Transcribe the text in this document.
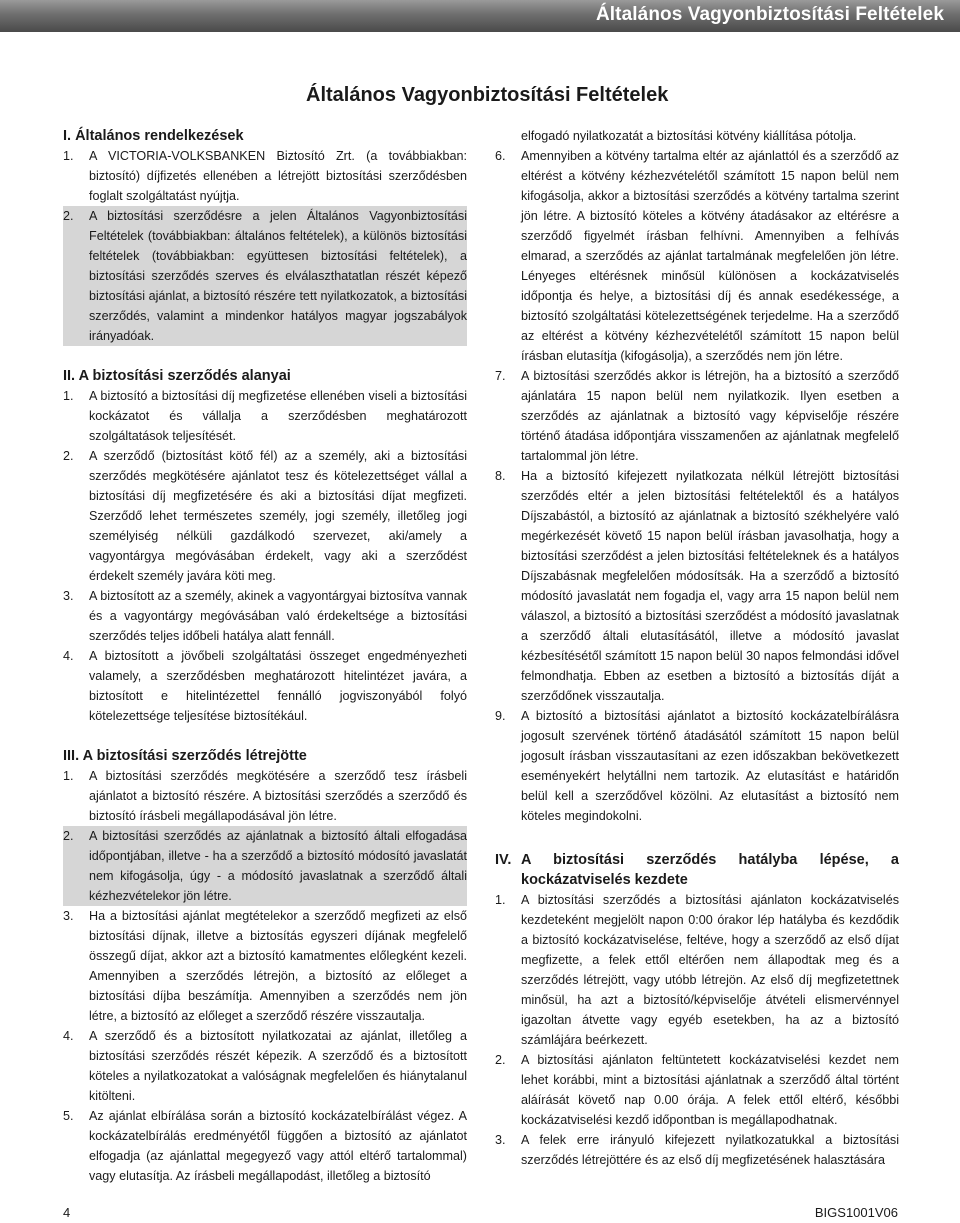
Általános Vagyonbiztosítási Feltételek
Általános Vagyonbiztosítási Feltételek
I. Általános rendelkezések
1.	A VICTORIA-VOLKSBANKEN Biztosító Zrt. (a továbbiakban: biztosító) díjfizetés ellenében a létrejött biztosítási szerződésben foglalt szolgáltatást nyújtja.
2.	A biztosítási szerződésre a jelen Általános Vagyonbiztosítási Feltételek (továbbiakban: általános feltételek), a különös biztosítási feltételek (továbbiakban: együttesen biztosítási feltételek), a biztosítási szerződés szerves és elválaszthatatlan részét képező biztosítási ajánlat, a biztosító részére tett nyilatkozatok, a biztosítási szerződés, valamint a mindenkor hatályos magyar jogszabályok irányadóak.
II. A biztosítási szerződés alanyai
1.	A biztosító a biztosítási díj megfizetése ellenében viseli a biztosítási kockázatot és vállalja a szerződésben meghatározott szolgáltatások teljesítését.
2.	A szerződő (biztosítást kötő fél) az a személy, aki a biztosítási szerződés megkötésére ajánlatot tesz és kötelezettséget vállal a biztosítási díj megfizetésére és aki a biztosítási díjat megfizeti. Szerződő lehet természetes személy, jogi személy, illetőleg jogi személyiség nélküli gazdálkodó szervezet, aki/amely a vagyontárgya megóvásában érdekelt, vagy aki a szerződést érdekelt személy javára köti meg.
3.	A biztosított az a személy, akinek a vagyontárgyai biztosítva vannak és a vagyontárgy megóvásában való érdekeltsége a biztosítási szerződés teljes időbeli hatálya alatt fennáll.
4.	A biztosított a jövőbeli szolgáltatási összeget engedményezheti valamely, a szerződésben meghatározott hitelintézet javára, a biztosított e hitelintézettel fennálló jogviszonyából folyó kötelezettsége teljesítése biztosítékául.
III. A biztosítási szerződés létrejötte
1.	A biztosítási szerződés megkötésére a szerződő tesz írásbeli ajánlatot a biztosító részére. A biztosítási szerződés a szerződő és biztosító írásbeli megállapodásával jön létre.
2.	A biztosítási szerződés az ajánlatnak a biztosító általi elfogadása időpontjában, illetve - ha a szerződő a biztosító módosító javaslatát nem kifogásolja, úgy - a módosító javaslatnak a szerződő általi kézhezvételekor jön létre.
3.	Ha a biztosítási ajánlat megtételekor a szerződő megfizeti az első biztosítási díjnak, illetve a biztosítás egyszeri díjának megfelelő összegű díjat, akkor azt a biztosító kamatmentes előlegként kezeli. Amennyiben a szerződés létrejön, a biztosító az előleget a biztosítási díjba beszámítja. Amennyiben a szerződés nem jön létre, a biztosító az előleget a szerződő részére visszautalja.
4.	A szerződő és a biztosított nyilatkozatai az ajánlat, illetőleg a biztosítási szerződés részét képezik. A szerződő és a biztosított köteles a nyilatkozatokat a valóságnak megfelelően és hiánytalanul kitölteni.
5.	Az ajánlat elbírálása során a biztosító kockázatelbírálást végez. A kockázatelbírálás eredményétől függően a biztosító az ajánlatot elfogadja (az ajánlattal megegyező vagy attól eltérő tartalommal) vagy elutasítja. Az írásbeli megállapodást, illetőleg a biztosító
elfogadó nyilatkozatát a biztosítási kötvény kiállítása pótolja.
6.	Amennyiben a kötvény tartalma eltér az ajánlattól és a szerződő az eltérést a kötvény kézhezvételétől számított 15 napon belül nem kifogásolja, akkor a biztosítási szerződés a kötvény tartalma szerint jön létre. A biztosító köteles a kötvény átadásakor az eltérésre a szerződő figyelmét írásban felhívni. Amennyiben a felhívás elmarad, a szerződés az ajánlat tartalmának megfelelően jön létre. Lényeges eltérésnek minősül különösen a kockázatviselés időpontja és helye, a biztosítási díj és annak esedékessége, a biztosító szolgáltatási kötelezettségének terjedelme. Ha a szerződő az eltérést a kötvény kézhezvételétől számított 15 napon belül írásban elutasítja (kifogásolja), a szerződés nem jön létre.
7.	A biztosítási szerződés akkor is létrejön, ha a biztosító a szerződő ajánlatára 15 napon belül nem nyilatkozik. Ilyen esetben a szerződés az ajánlatnak a biztosító vagy képviselője részére történő átadása időpontjára visszamenően az ajánlatnak megfelelő tartalommal jön létre.
8.	Ha a biztosító kifejezett nyilatkozata nélkül létrejött biztosítási szerződés eltér a jelen biztosítási feltételektől és a hatályos Díjszabástól, a biztosító az ajánlatnak a biztosító székhelyére való megérkezését követő 15 napon belül írásban javasolhatja, hogy a biztosítási szerződést a jelen biztosítási feltételeknek és a hatályos Díjszabásnak megfelelően módosítsák. Ha a szerződő a biztosító módosító javaslatát nem fogadja el, vagy arra 15 napon belül nem válaszol, a biztosító a biztosítási szerződést a módosító javaslatnak a szerződő általi elutasításától, illetve a módosító javaslat kézbesítésétől számított 15 napon belül 30 napos felmondási idővel felmondhatja. Ebben az esetben a biztosító a biztosítás díját a szerződőnek visszautalja.
9.	A biztosító a biztosítási ajánlatot a biztosító kockázatelbírálásra jogosult szervének történő átadásától számított 15 napon belül jogosult írásban visszautasítani az ezen időszakban bekövetkezett eseményekért helytállni nem tartozik. Az elutasítást e határidőn belül kell a szerződővel közölni. Az elutasítást a biztosító nem köteles megindokolni.
IV. A biztosítási szerződés hatályba lépése, a kockázatviselés kezdete
1.	A biztosítási szerződés a biztosítási ajánlaton kockázatviselés kezdeteként megjelölt napon 0:00 órakor lép hatályba és kezdődik a biztosító kockázatviselése, feltéve, hogy a szerződő az első díjat megfizette, a felek ettől eltérően nem állapodtak meg és a szerződés létrejött, vagy utóbb létrejön. Az első díj megfizetettnek minősül, ha azt a biztosító/képviselője átvételi elismervénnyel igazoltan átvette vagy egyéb esetekben, ha az a biztosító számlájára beérkezett.
2.	A biztosítási ajánlaton feltüntetett kockázatviselési kezdet nem lehet korábbi, mint a biztosítási ajánlatnak a szerződő által történt aláírását követő nap 0.00 órája. A felek ettől eltérő, későbbi kockázatviselési kezdő időpontban is megállapodhatnak.
3.	A felek erre irányuló kifejezett nyilatkozatukkal a biztosítási szerződés létrejöttére és az első díj megfizetésének halasztására
4	BIGS1001V06
